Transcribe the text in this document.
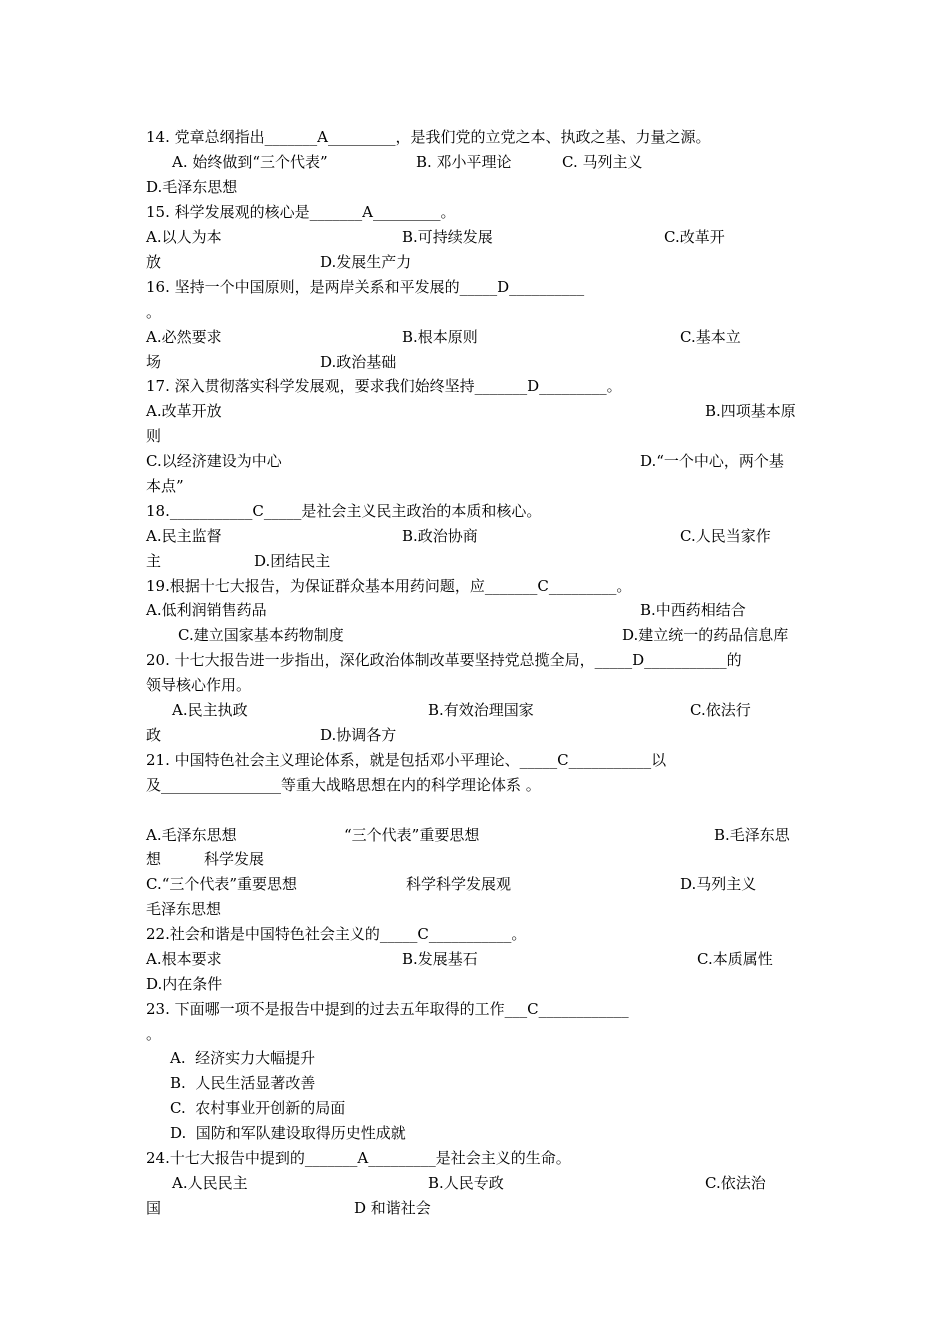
14. 党章总纲指出_______A_________，是我们党的立党之本、执政之基、力量之源。
A. 始终做到“三个代表”	B. 邓小平理论	C. 马列主义
D.毛泽东思想
15. 科学发展观的核心是_______A_________。
A.以人为本	B.可持续发展	C.改革开
放	D.发展生产力
16. 坚持一个中国原则，是两岸关系和平发展的_____D__________
。
A.必然要求	B.根本原则	C.基本立
场	D.政治基础
17. 深入贯彻落实科学发展观，要求我们始终坚持_______D_________。
A.改革开放	B.四项基本原
则
C.以经济建设为中心	D.“一个中心，两个基
本点”
18.___________C_____是社会主义民主政治的本质和核心。
A.民主监督	B.政治协商	C.人民当家作
主	D.团结民主
19.根据十七大报告，为保证群众基本用药问题，应_______C_________。
A.低利润销售药品	B.中西药相结合
C.建立国家基本药物制度	D.建立统一的药品信息库
20. 十七大报告进一步指出，深化政治体制改革要坚持党总揽全局，_____D___________的
领导核心作用。
A.民主执政	B.有效治理国家	C.依法行
政	D.协调各方
21. 中国特色社会主义理论体系，就是包括邓小平理论、_____C___________以
及________________等重大战略思想在内的科学理论体系 。
A.毛泽东思想	“三个代表”重要思想	B.毛泽东思
想	科学发展
C.“三个代表”重要思想	科学科学发展观	D.马列主义
毛泽东思想
22.社会和谐是中国特色社会主义的_____C___________。
A.根本要求	B.发展基石	C.本质属性
D.内在条件
23. 下面哪一项不是报告中提到的过去五年取得的工作___C____________
。
A.  经济实力大幅提升
B.  人民生活显著改善
C.  农村事业开创新的局面
D.  国防和军队建设取得历史性成就
24.十七大报告中提到的_______A_________是社会主义的生命。
A.人民民主	B.人民专政	C.依法治
国	D 和谐社会
